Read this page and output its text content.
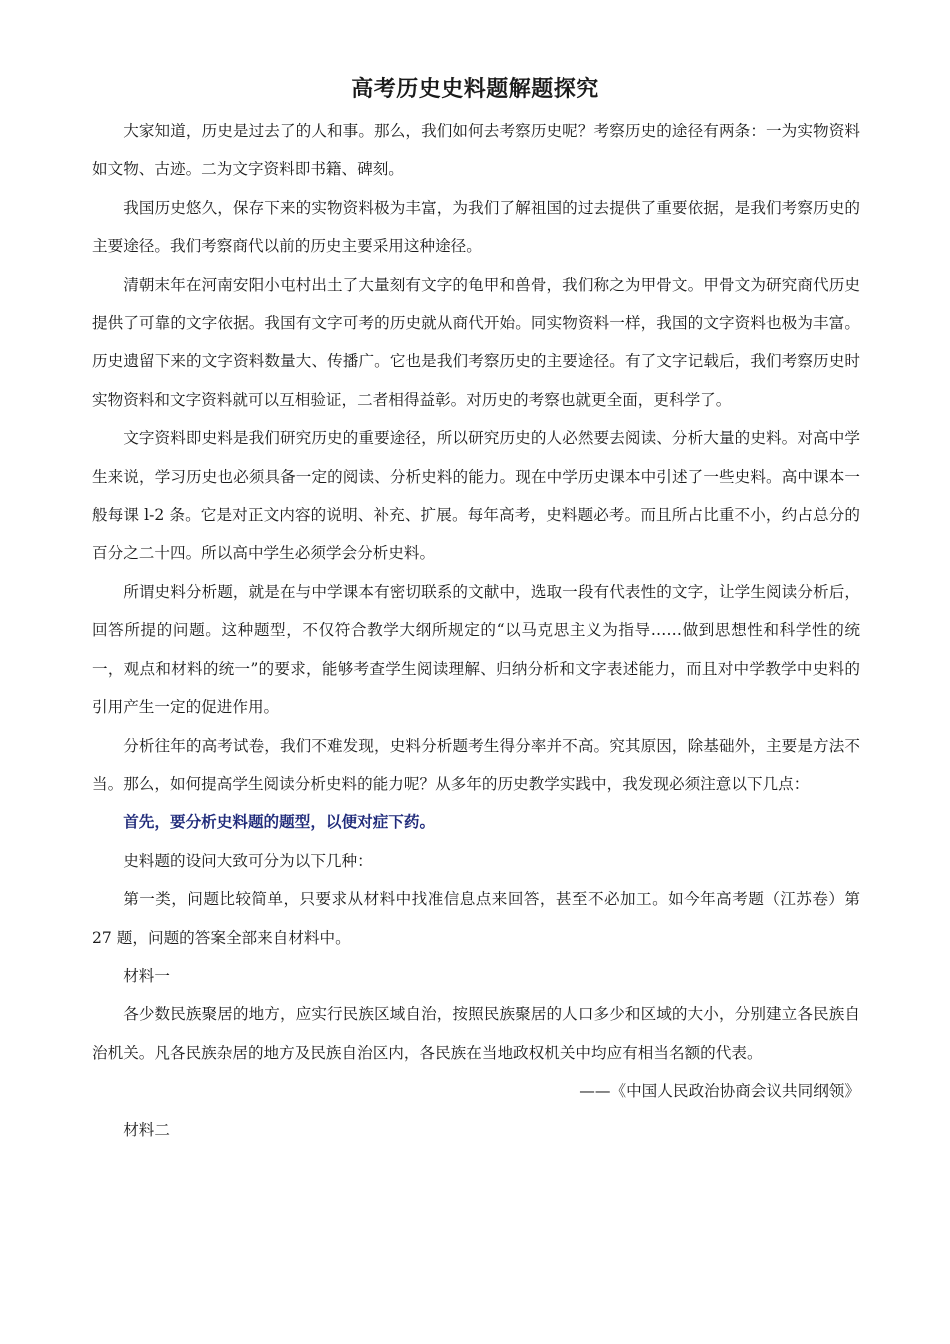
高考历史史料题解题探究

大家知道，历史是过去了的人和事。那么，我们如何去考察历史呢？考察历史的途径有两条：一为实物资料如文物、古迹。二为文字资料即书籍、碑刻。

我国历史悠久，保存下来的实物资料极为丰富，为我们了解祖国的过去提供了重要依据，是我们考察历史的主要途径。我们考察商代以前的历史主要采用这种途径。

清朝末年在河南安阳小屯村出土了大量刻有文字的龟甲和兽骨，我们称之为甲骨文。甲骨文为研究商代历史提供了可靠的文字依据。我国有文字可考的历史就从商代开始。同实物资料一样，我国的文字资料也极为丰富。历史遗留下来的文字资料数量大、传播广。它也是我们考察历史的主要途径。有了文字记载后，我们考察历史时实物资料和文字资料就可以互相验证，二者相得益彰。对历史的考察也就更全面，更科学了。

文字资料即史料是我们研究历史的重要途径，所以研究历史的人必然要去阅读、分析大量的史料。对高中学生来说，学习历史也必须具备一定的阅读、分析史料的能力。现在中学历史课本中引述了一些史料。高中课本一般每课 l-2 条。它是对正文内容的说明、补充、扩展。每年高考，史料题必考。而且所占比重不小，约占总分的百分之二十四。所以高中学生必须学会分析史料。

所谓史料分析题，就是在与中学课本有密切联系的文献中，选取一段有代表性的文字，让学生阅读分析后，回答所提的问题。这种题型，不仅符合教学大纲所规定的“以马克思主义为指导……做到思想性和科学性的统一，观点和材料的统一”的要求，能够考查学生阅读理解、归纳分析和文字表述能力，而且对中学教学中史料的引用产生一定的促进作用。

分析往年的高考试卷，我们不难发现，史料分析题考生得分率并不高。究其原因，除基础外，主要是方法不当。那么，如何提高学生阅读分析史料的能力呢？从多年的历史教学实践中，我发现必须注意以下几点：

首先，要分析史料题的题型，以便对症下药。

史料题的设问大致可分为以下几种：

第一类，问题比较简单，只要求从材料中找准信息点来回答，甚至不必加工。如今年高考题（江苏卷）第 27 题，问题的答案全部来自材料中。

材料一

各少数民族聚居的地方，应实行民族区域自治，按照民族聚居的人口多少和区域的大小，分别建立各民族自治机关。凡各民族杂居的地方及民族自治区内，各民族在当地政权机关中均应有相当名额的代表。

——《中国人民政治协商会议共同纲领》

材料二
